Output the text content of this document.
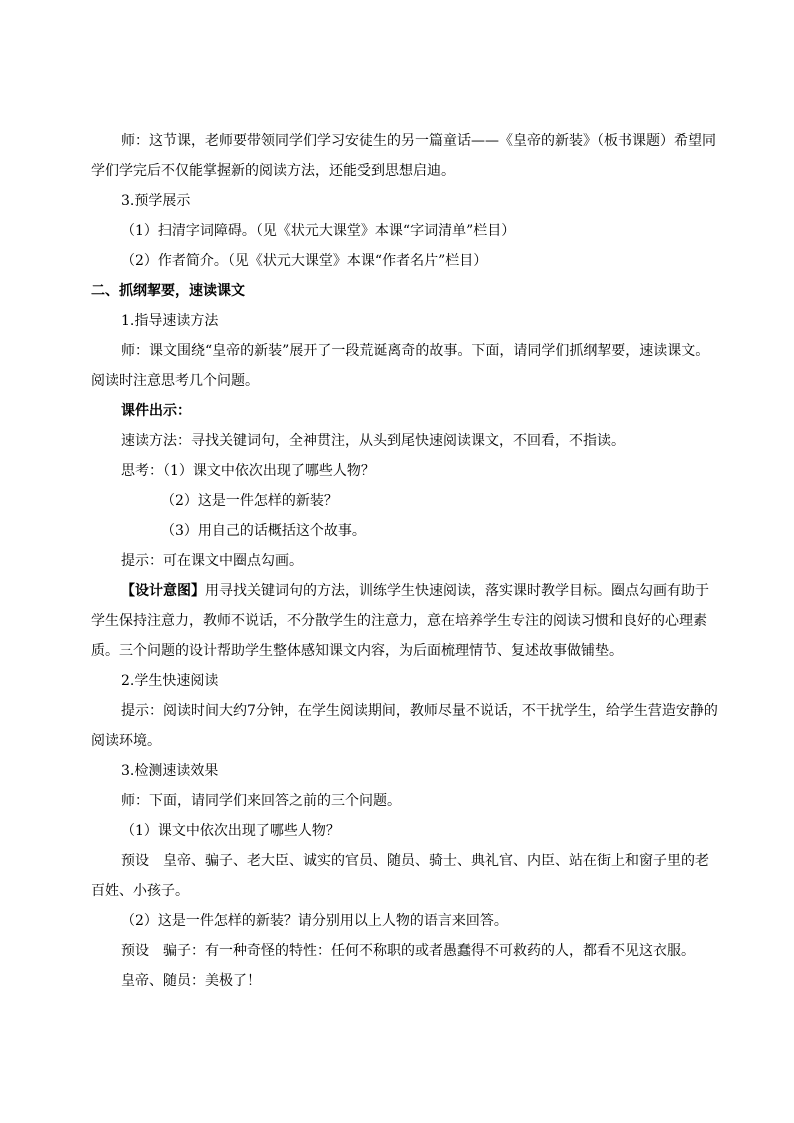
师：这节课，老师要带领同学们学习安徒生的另一篇童话——《皇帝的新装》（板书课题）希望同学们学完后不仅能掌握新的阅读方法，还能受到思想启迪。

3.预学展示

（1）扫清字词障碍。（见《状元大课堂》本课“字词清单”栏目）

（2）作者简介。（见《状元大课堂》本课“作者名片”栏目）

二、抓纲挈要，速读课文

1.指导速读方法

师：课文围绕“皇帝的新装”展开了一段荒诞离奇的故事。下面，请同学们抓纲挈要，速读课文。阅读时注意思考几个问题。

课件出示：

速读方法：寻找关键词句，全神贯注，从头到尾快速阅读课文，不回看，不指读。

思考：（1）课文中依次出现了哪些人物？

（2）这是一件怎样的新装？

（3）用自己的话概括这个故事。

提示：可在课文中圈点勾画。

【设计意图】用寻找关键词句的方法，训练学生快速阅读，落实课时教学目标。圈点勾画有助于学生保持注意力，教师不说话，不分散学生的注意力，意在培养学生专注的阅读习惯和良好的心理素质。三个问题的设计帮助学生整体感知课文内容，为后面梳理情节、复述故事做铺垫。

2.学生快速阅读

提示：阅读时间大约7分钟，在学生阅读期间，教师尽量不说话，不干扰学生，给学生营造安静的阅读环境。

3.检测速读效果

师：下面，请同学们来回答之前的三个问题。

（1）课文中依次出现了哪些人物？

预设　皇帝、骗子、老大臣、诚实的官员、随员、骑士、典礼官、内臣、站在街上和窗子里的老百姓、小孩子。

（2）这是一件怎样的新装？请分别用以上人物的语言来回答。

预设　骗子：有一种奇怪的特性：任何不称职的或者愚蠢得不可救药的人，都看不见这衣服。

皇帝、随员：美极了！
